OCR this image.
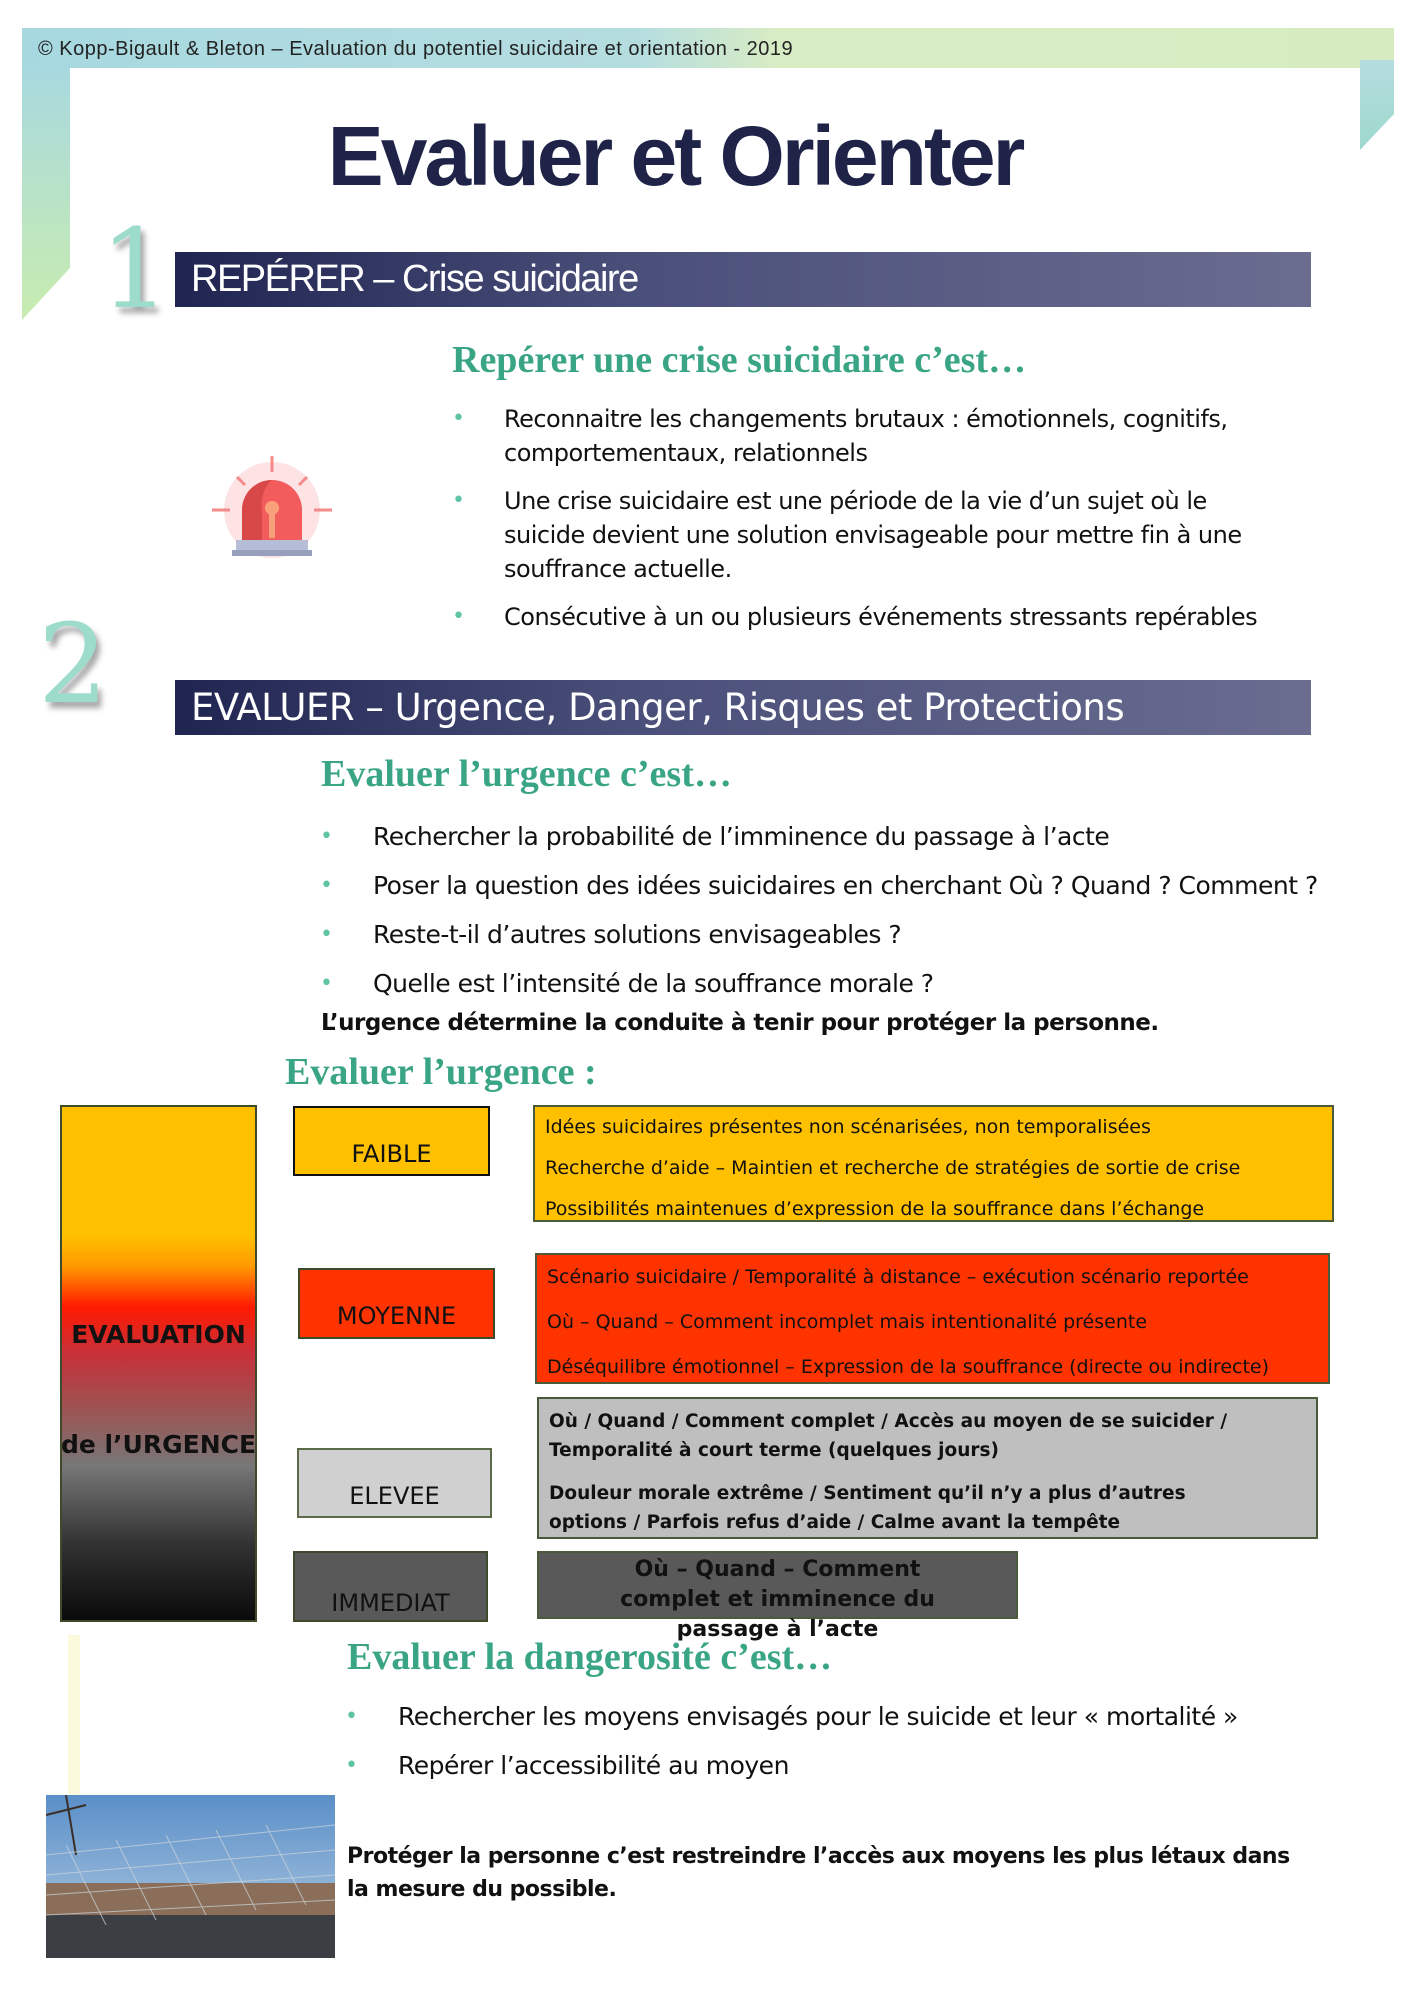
© Kopp-Bigault & Bleton – Evaluation du potentiel suicidaire et orientation - 2019
Evaluer et Orienter
1 REPÉRER – Crise suicidaire
Repérer une crise suicidaire c’est…
• Reconnaitre les changements brutaux : émotionnels, cognitifs, comportementaux, relationnels
• Une crise suicidaire est une période de la vie d’un sujet où le suicide devient une solution envisageable pour mettre fin à une souffrance actuelle.
• Consécutive à un ou plusieurs événements stressants repérables
2	EVALUER – Urgence, Danger, Risques et Protections
Evaluer l’urgence c’est…
• Rechercher la probabilité de l’imminence du passage à l’acte
• Poser la question des idées suicidaires en cherchant Où ? Quand ? Comment ?
• Reste-t-il d’autres solutions envisageables ?
• Quelle est l’intensité de la souffrance morale ?
L’urgence détermine la conduite à tenir pour protéger la personne.
Evaluer l’urgence :
EVALUATION
de l’URGENCE
FAIBLE

Idées suicidaires présentes non scénarisées, non temporalisées

Recherche d’aide – Maintien et recherche de stratégies de sortie de crise

Possibilités maintenues d’expression de la souffrance dans l’échange

MOYENNE

Scénario suicidaire / Temporalité à distance – exécution scénario reportée

Où – Quand – Comment incomplet mais intentionalité présente

Déséquilibre émotionnel – Expression de la souffrance (directe ou indirecte)

ELEVEE

Où / Quand / Comment complet / Accès au moyen de se suicider / Temporalité à court terme (quelques jours)

Douleur morale extrême / Sentiment qu’il n’y a plus d’autres options / Parfois refus d’aide / Calme avant la tempête

IMMEDIAT

Où – Quand – Comment complet et imminence du passage à l’acte

Evaluer la dangerosité c’est…
• Rechercher les moyens envisagés pour le suicide et leur « mortalité »
• Repérer l’accessibilité au moyen
Protéger la personne c’est restreindre l’accès aux moyens les plus létaux dans la mesure du possible.
